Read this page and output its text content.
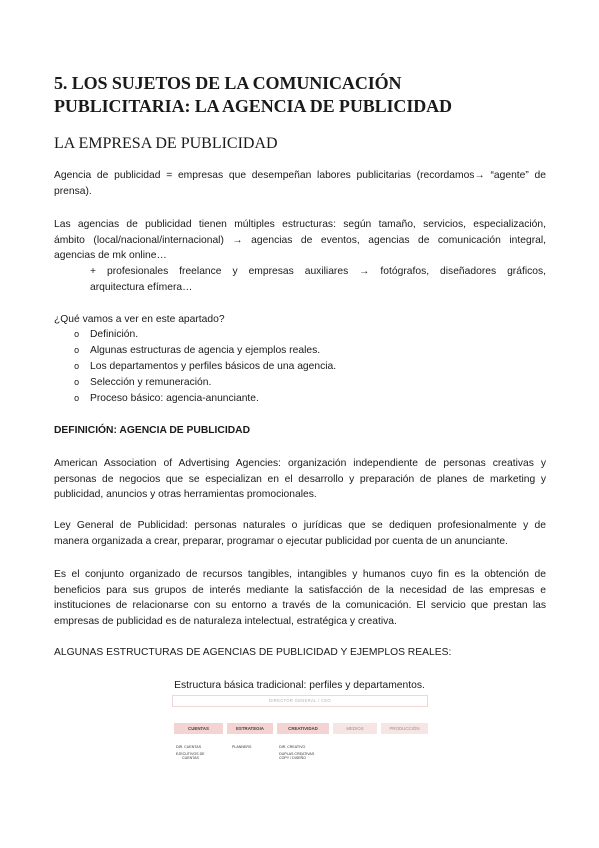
5. LOS SUJETOS DE LA COMUNICACIÓN
PUBLICITARIA: LA AGENCIA DE PUBLICIDAD
LA EMPRESA DE PUBLICIDAD
Agencia de publicidad = empresas que desempeñan labores publicitarias (recordamos→ “agente” de
prensa).
Las agencias de publicidad tienen múltiples estructuras: según tamaño, servicios, especialización,
ámbito (local/nacional/internacional) → agencias de eventos, agencias de comunicación integral,
agencias de mk online…
+ profesionales freelance y empresas auxiliares → fotógrafos, diseñadores gráficos,
arquitectura efímera…
¿Qué vamos a ver en este apartado?
o Definición.
o Algunas estructuras de agencia y ejemplos reales.
o Los departamentos y perfiles básicos de una agencia.
o Selección y remuneración.
o Proceso básico: agencia-anunciante.
DEFINICIÓN: AGENCIA DE PUBLICIDAD
American Association of Advertising Agencies: organización independiente de personas creativas y
personas de negocios que se especializan en el desarrollo y preparación de planes de marketing y
publicidad, anuncios y otras herramientas promocionales.
Ley General de Publicidad: personas naturales o jurídicas que se dediquen profesionalmente y de
manera organizada a crear, preparar, programar o ejecutar publicidad por cuenta de un anunciante.
Es el conjunto organizado de recursos tangibles, intangibles y humanos cuyo fin es la obtención de
beneficios para sus grupos de interés mediante la satisfacción de la necesidad de las empresas e
instituciones de relacionarse con su entorno a través de la comunicación. El servicio que prestan las
empresas de publicidad es de naturaleza intelectual, estratégica y creativa.
ALGUNAS ESTRUCTURAS DE AGENCIAS DE PUBLICIDAD Y EJEMPLOS REALES:
Estructura básica tradicional: perfiles y departamentos.
DIRECTOR GENERAL / CEO
CUENTAS	ESTRATEGIA	CREATIVIDAD	MEDIOS	PRODUCCIÓN
DIR. CUENTAS
EJECUTIVOS DE
CUENTAS
PLANNERS	DIR. CREATIVO
DUPLAS CREATIVAS
COPY / DISEÑO
